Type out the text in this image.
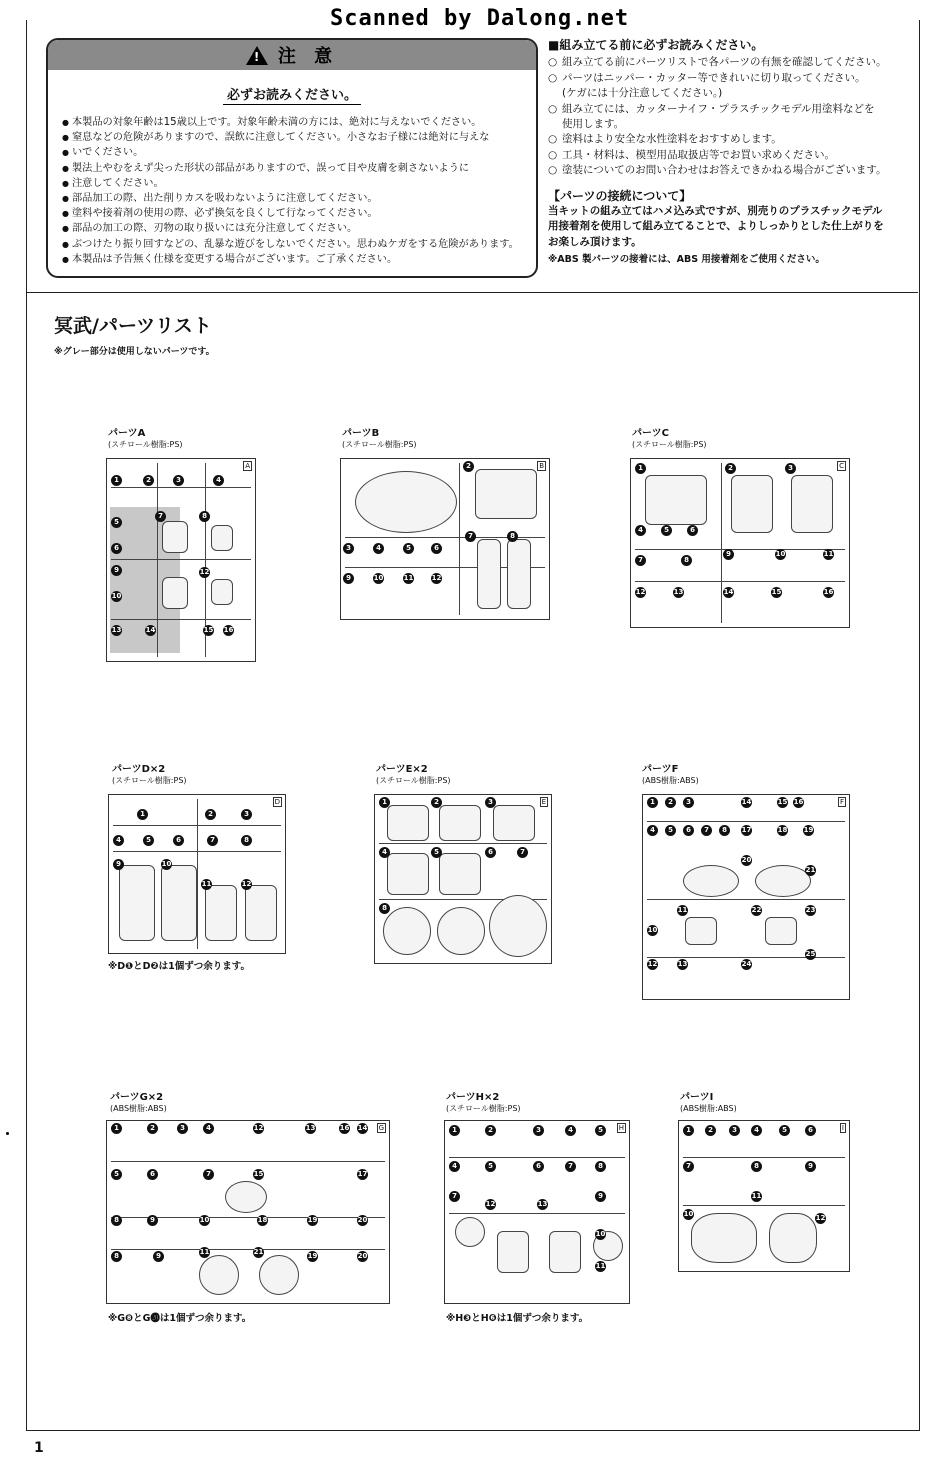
Scanned by Dalong.net
!
注 意
必ずお読みください。
● 本製品の対象年齢は15歳以上です。対象年齢未満の方には、絶対に与えないでください。
● 窒息などの危険がありますので、誤飲に注意してください。小さなお子様には絶対に与えな
● いでください。
● 製法上やむをえず尖った形状の部品がありますので、誤って目や皮膚を刺さないように
● 注意してください。
● 部品加工の際、出た削りカスを吸わないように注意してください。
● 塗料や接着剤の使用の際、必ず換気を良くして行なってください。
● 部品の加工の際、刃物の取り扱いには充分注意してください。
● ぶつけたり振り回すなどの、乱暴な遊びをしないでください。思わぬケガをする危険があります。
● 本製品は予告無く仕様を変更する場合がございます。ご了承ください。
■組み立てる前に必ずお読みください。
○ 組み立てる前にパーツリストで各パーツの有無を確認してください。
○ パーツはニッパー・カッター等できれいに切り取ってください。
(ケガには十分注意してください。)
○ 組み立てには、カッターナイフ・プラスチックモデル用塗料などを
使用します。
○ 塗料はより安全な水性塗料をおすすめします。
○ 工具・材料は、模型用品取扱店等でお買い求めください。
○ 塗装についてのお問い合わせはお答えできかねる場合がございます。
【パーツの接続について】
当キットの組み立てはハメ込み式ですが、別売りのプラスチックモデル
用接着剤を使用して組み立てることで、よりしっかりとした仕上がりを
お楽しみ頂けます。
※ABS 製パーツの接着には、ABS 用接着剤をご使用ください。
冥武/パーツリスト
※グレー部分は使用しないパーツです。
パーツA
(スチロール樹脂:PS)
A
1	2	3	4
5
7	8
6
9
10
12
13	14	15 16
パーツB
(スチロール樹脂:PS)
B
2
3	4	5	6
7	8
9	10	11	12
パーツC
(スチロール樹脂:PS)
C
1	2	3
4	5	6
7	8
9	10	11
12	13	14	15	16
パーツD×2
(スチロール樹脂:PS)
D
1	2	3
4	5	6	7	8
9	10
11	12
※D❶とD❷は1個ずつ余ります。
パーツE×2
(スチロール樹脂:PS)
E
1	2	3
4	5	6	7
8
パーツF
(ABS樹脂:ABS)
F
1	2	3	14	15 16
4	5	6	7	8	17	18 19
20
21
11	22	23
10
25
12	13	24
パーツG×2
(ABS樹脂:ABS)
G
1	2	3	4	12	13	16 14
5	6	7	15	17
8	9	10	18	19	20
8	9	11	21	19	20
※G❽とG⓴は1個ずつ余ります。
パーツH×2
(スチロール樹脂:PS)
H
1	2	3	4	5
4	5	6	7	8
7
12	13
9
10
11
※H❸とH❻は1個ずつ余ります。
パーツI
(ABS樹脂:ABS)
I
1	2	3	4	5	6
7	8	9
10
11
12
1
